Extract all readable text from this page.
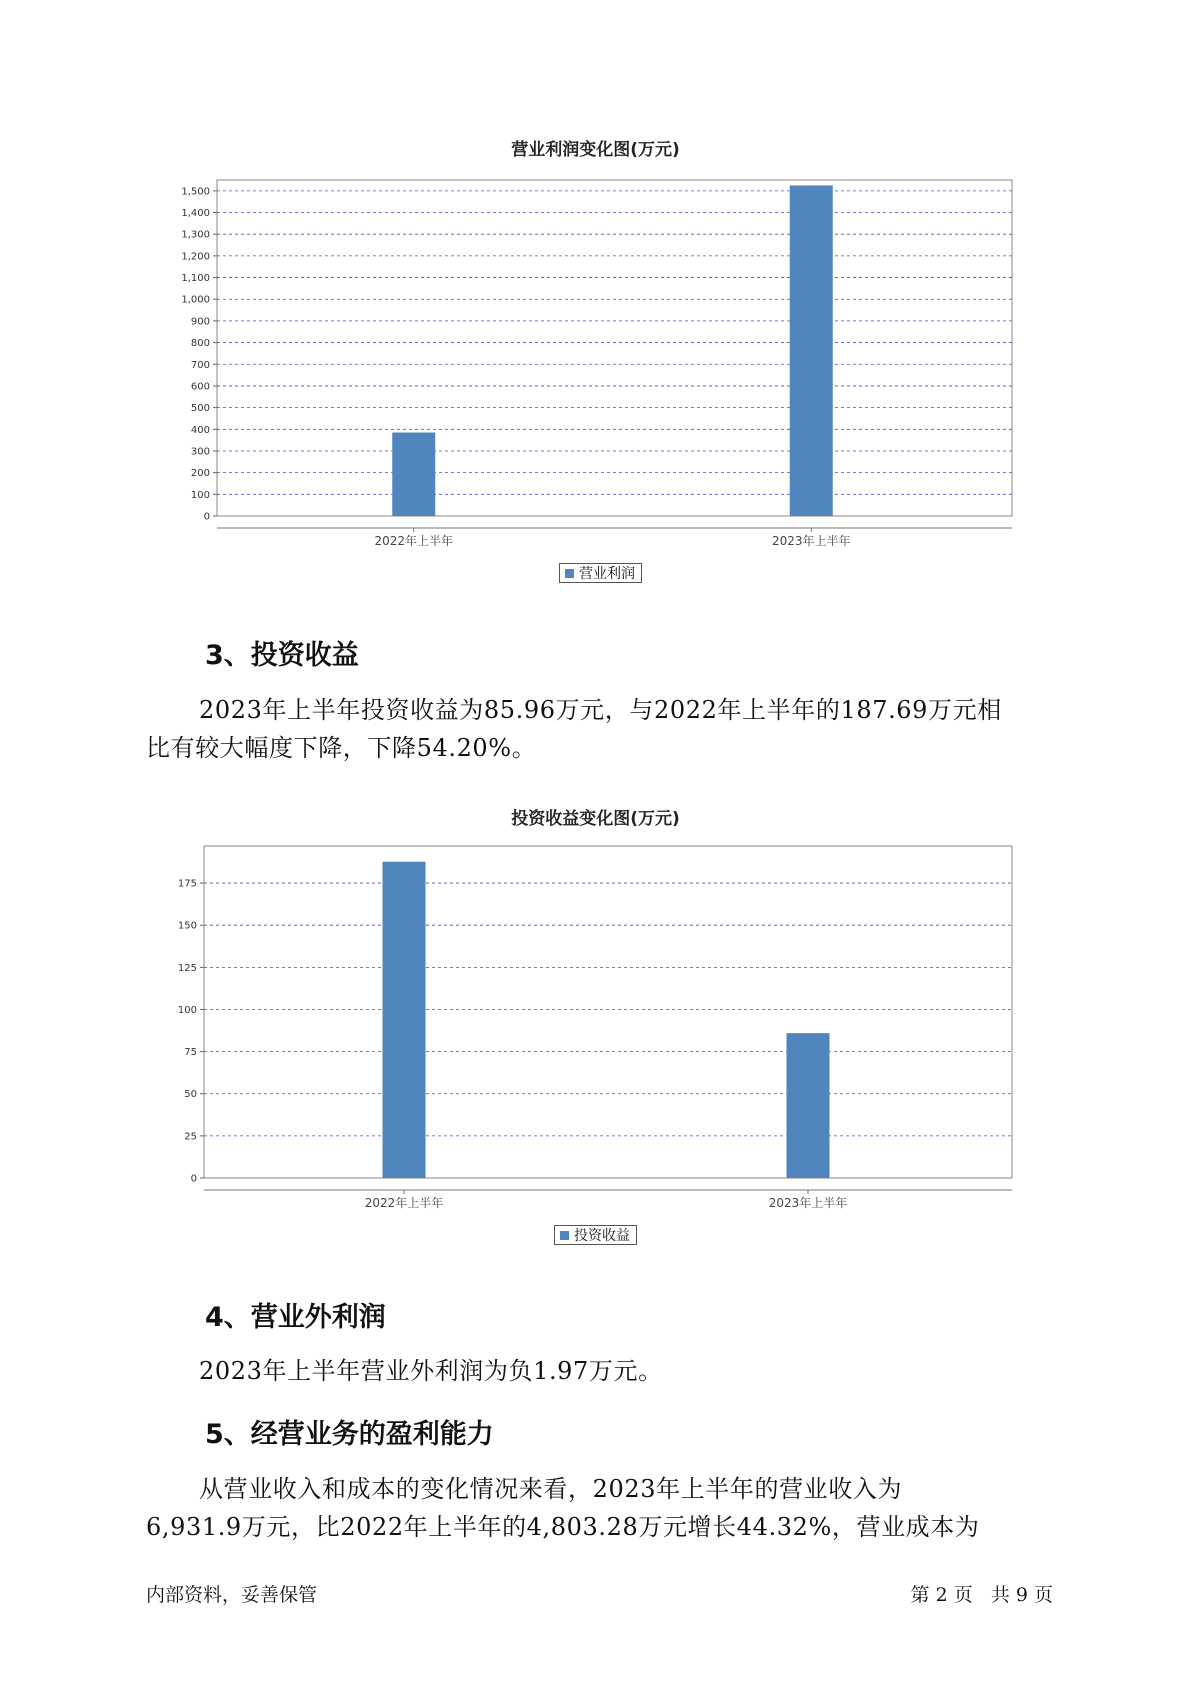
营业利润变化图(万元)
0
100
200
300
400
500
600
700
800
900
1,000
1,100
1,200
1,300
1,400
1,500
2022年上半年	2023年上半年
营业利润
3、投资收益
2023年上半年投资收益为85.96万元，与2022年上半年的187.69万元相
比有较大幅度下降，下降54.20%。
投资收益变化图(万元)
0
25
50
75
100
125
150
175
2022年上半年	2023年上半年
投资收益
4、营业外利润
2023年上半年营业外利润为负1.97万元。
5、经营业务的盈利能力
从营业收入和成本的变化情况来看，2023年上半年的营业收入为
6,931.9万元，比2022年上半年的4,803.28万元增长44.32%，营业成本为
内部资料，妥善保管	第 2 页   共 9 页
